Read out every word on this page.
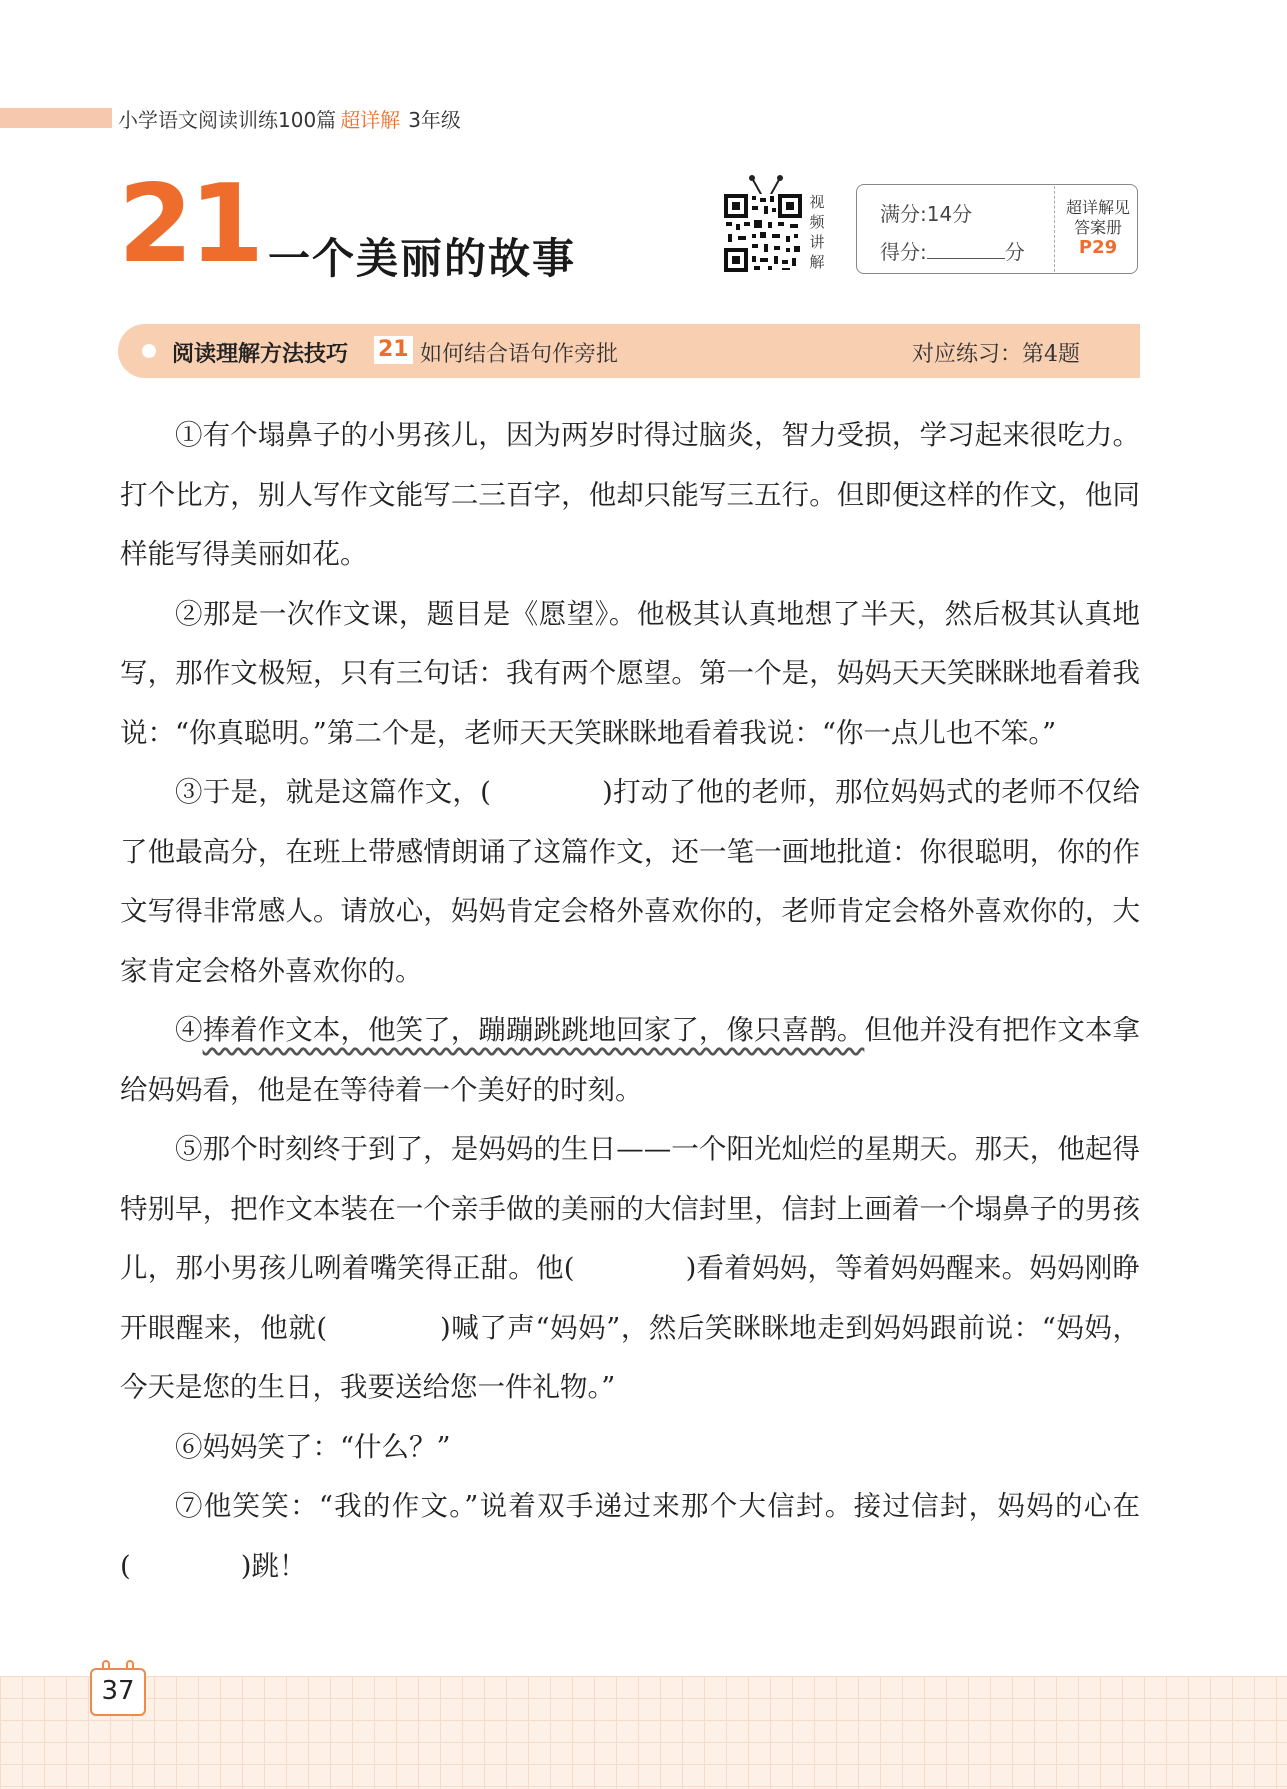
小学语文阅读训练100篇 超详解 3年级
21 一个美丽的故事
视
频
讲
解
满分:14分
得分:	分
超详解见
答案册
P29
阅读理解方法技巧 21 如何结合语句作旁批	对应练习：第4题

①有个塌鼻子的小男孩儿，因为两岁时得过脑炎，智力受损，学习起来很吃力。打个比方，别人写作文能写二三百字，他却只能写三五行。但即便这样的作文，他同样能写得美丽如花。

②那是一次作文课，题目是《愿望》。他极其认真地想了半天，然后极其认真地写，那作文极短，只有三句话：我有两个愿望。第一个是，妈妈天天笑眯眯地看着我说：“你真聪明。”第二个是，老师天天笑眯眯地看着我说：“你一点儿也不笨。”

③于是，就是这篇作文，(　　　　)打动了他的老师，那位妈妈式的老师不仅给了他最高分，在班上带感情朗诵了这篇作文，还一笔一画地批道：你很聪明，你的作文写得非常感人。请放心，妈妈肯定会格外喜欢你的，老师肯定会格外喜欢你的，大家肯定会格外喜欢你的。

④捧着作文本，他笑了，蹦蹦跳跳地回家了，像只喜鹊。但他并没有把作文本拿给妈妈看，他是在等待着一个美好的时刻。

⑤那个时刻终于到了，是妈妈的生日——一个阳光灿烂的星期天。那天，他起得特别早，把作文本装在一个亲手做的美丽的大信封里，信封上画着一个塌鼻子的男孩儿，那小男孩儿咧着嘴笑得正甜。他(　　　　)看着妈妈，等着妈妈醒来。妈妈刚睁开眼醒来，他就(　　　　)喊了声“妈妈”，然后笑眯眯地走到妈妈跟前说：“妈妈，今天是您的生日，我要送给您一件礼物。”

⑥妈妈笑了：“什么？”

⑦他笑笑：“我的作文。”说着双手递过来那个大信封。接过信封，妈妈的心在(　　　　)跳！

37
